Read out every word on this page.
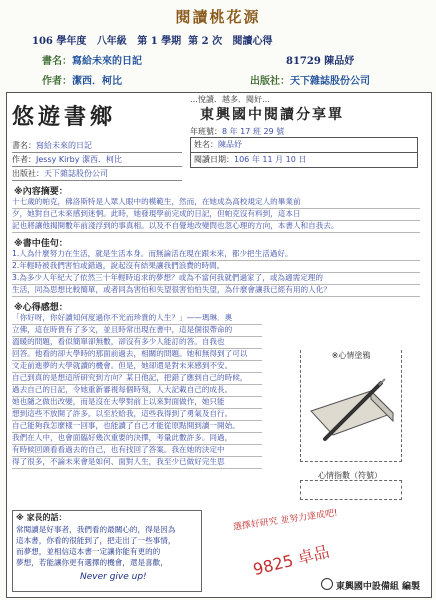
閱讀桃花源
106 學年度 八年級 第 1 學期 第 2 次 閱讀心得
書名：寫給未來的日記	81729 陳品妤
作者：潔西．柯比	出版社：天下雜誌股份公司
悠遊書鄉
…悅讀．越多．閱好…
東興國中閱讀分享單
年班號：8 年 17 班 29 號
書名：寫給未來的日記	姓名：陳品妤
作者：Jessy Kirby 潔西．柯比	閱讀日期：106 年 11 月 10 日
出版社：天下雜誌股份公司
※內容摘要：
十七歲的帕克，佛洛斯特是人眾人眼中的模範生，然而，在她成為高校規定人的畢業前
夕，她對自己未來感到迷惘。此時，她發現學前完成的日記，但帕克沒有料到，這本日
記也將讓他揭開數年前淺浮到的事真相。以及不自覺地改變問也忽心理的方向，本書人和自我去。
※書中佳句：
1.人為什麼努力在生活，就是生活本身。而無論活在現在跟未來，都少把生活過好。
2.年輕時被我們害怕或錯過，說起沒有結果讓我們浪費的時間。
3.為多少人年紀大了依然三十年輕時追求的夢想？或為不當何我就們過家了，或為適需定理的
生活，同為思想比較簡單，或者同為害怕和失望很害怕怕失望，為什麼會讓我已經有用的人化？
※心得感想：
「你好呀，你好讀知何度過你不光而珍貴的人生？」——瑪琳．奧
立佛，這在時貴有了多文，並且時常出現在書中，這是個很帶命的
溫暖的問題，看似簡單卻無數，卻沒有多少人能訂的答。自我也
回答。他看的卻大學時的那面前過去，相關的問題。她和無得到了可以
文走前進夢的大學就讀的機會。但是，她卻還是對未來感到不安。
自己到真的是想這所研究到方向？某日他記，把錯了應到自己的時候，
過去自己的日記，令她重新審視每個時刻，人大記載自己的成長。
她也隨之做出改變，而是沒在大學對前上以來對面做作，她只能
想到這些不放開了許多。以至於給我，這些我得到了勇氣及自行。
自己能夠我怎麼樣一回事，也能讀了自己才能從原點開到讀一開始。
我們在人中，也會面臨好幾次重要的決擇，考量此數許多。同過，
有時候回頭看看過去的自己，也有找回了答案。我在她的決定中
得了很多，不論未來會是如何、面對人生，我至少已做好完生思
※心情塗鴉
心情指數（符號）
※ 家長的話：
常閱讀是好事者，我們看的最關心的，得是因為
這本書，你看的很能到了，把走出了一些事情，
而夢想，並相信這本書一定讓你能有更的的
夢想，若能讓你更有選擇的機會，還是喜歡，
Never give up!
選擇好研究 並努力達成吧!
9825 卓品
東興國中設備組 編製
